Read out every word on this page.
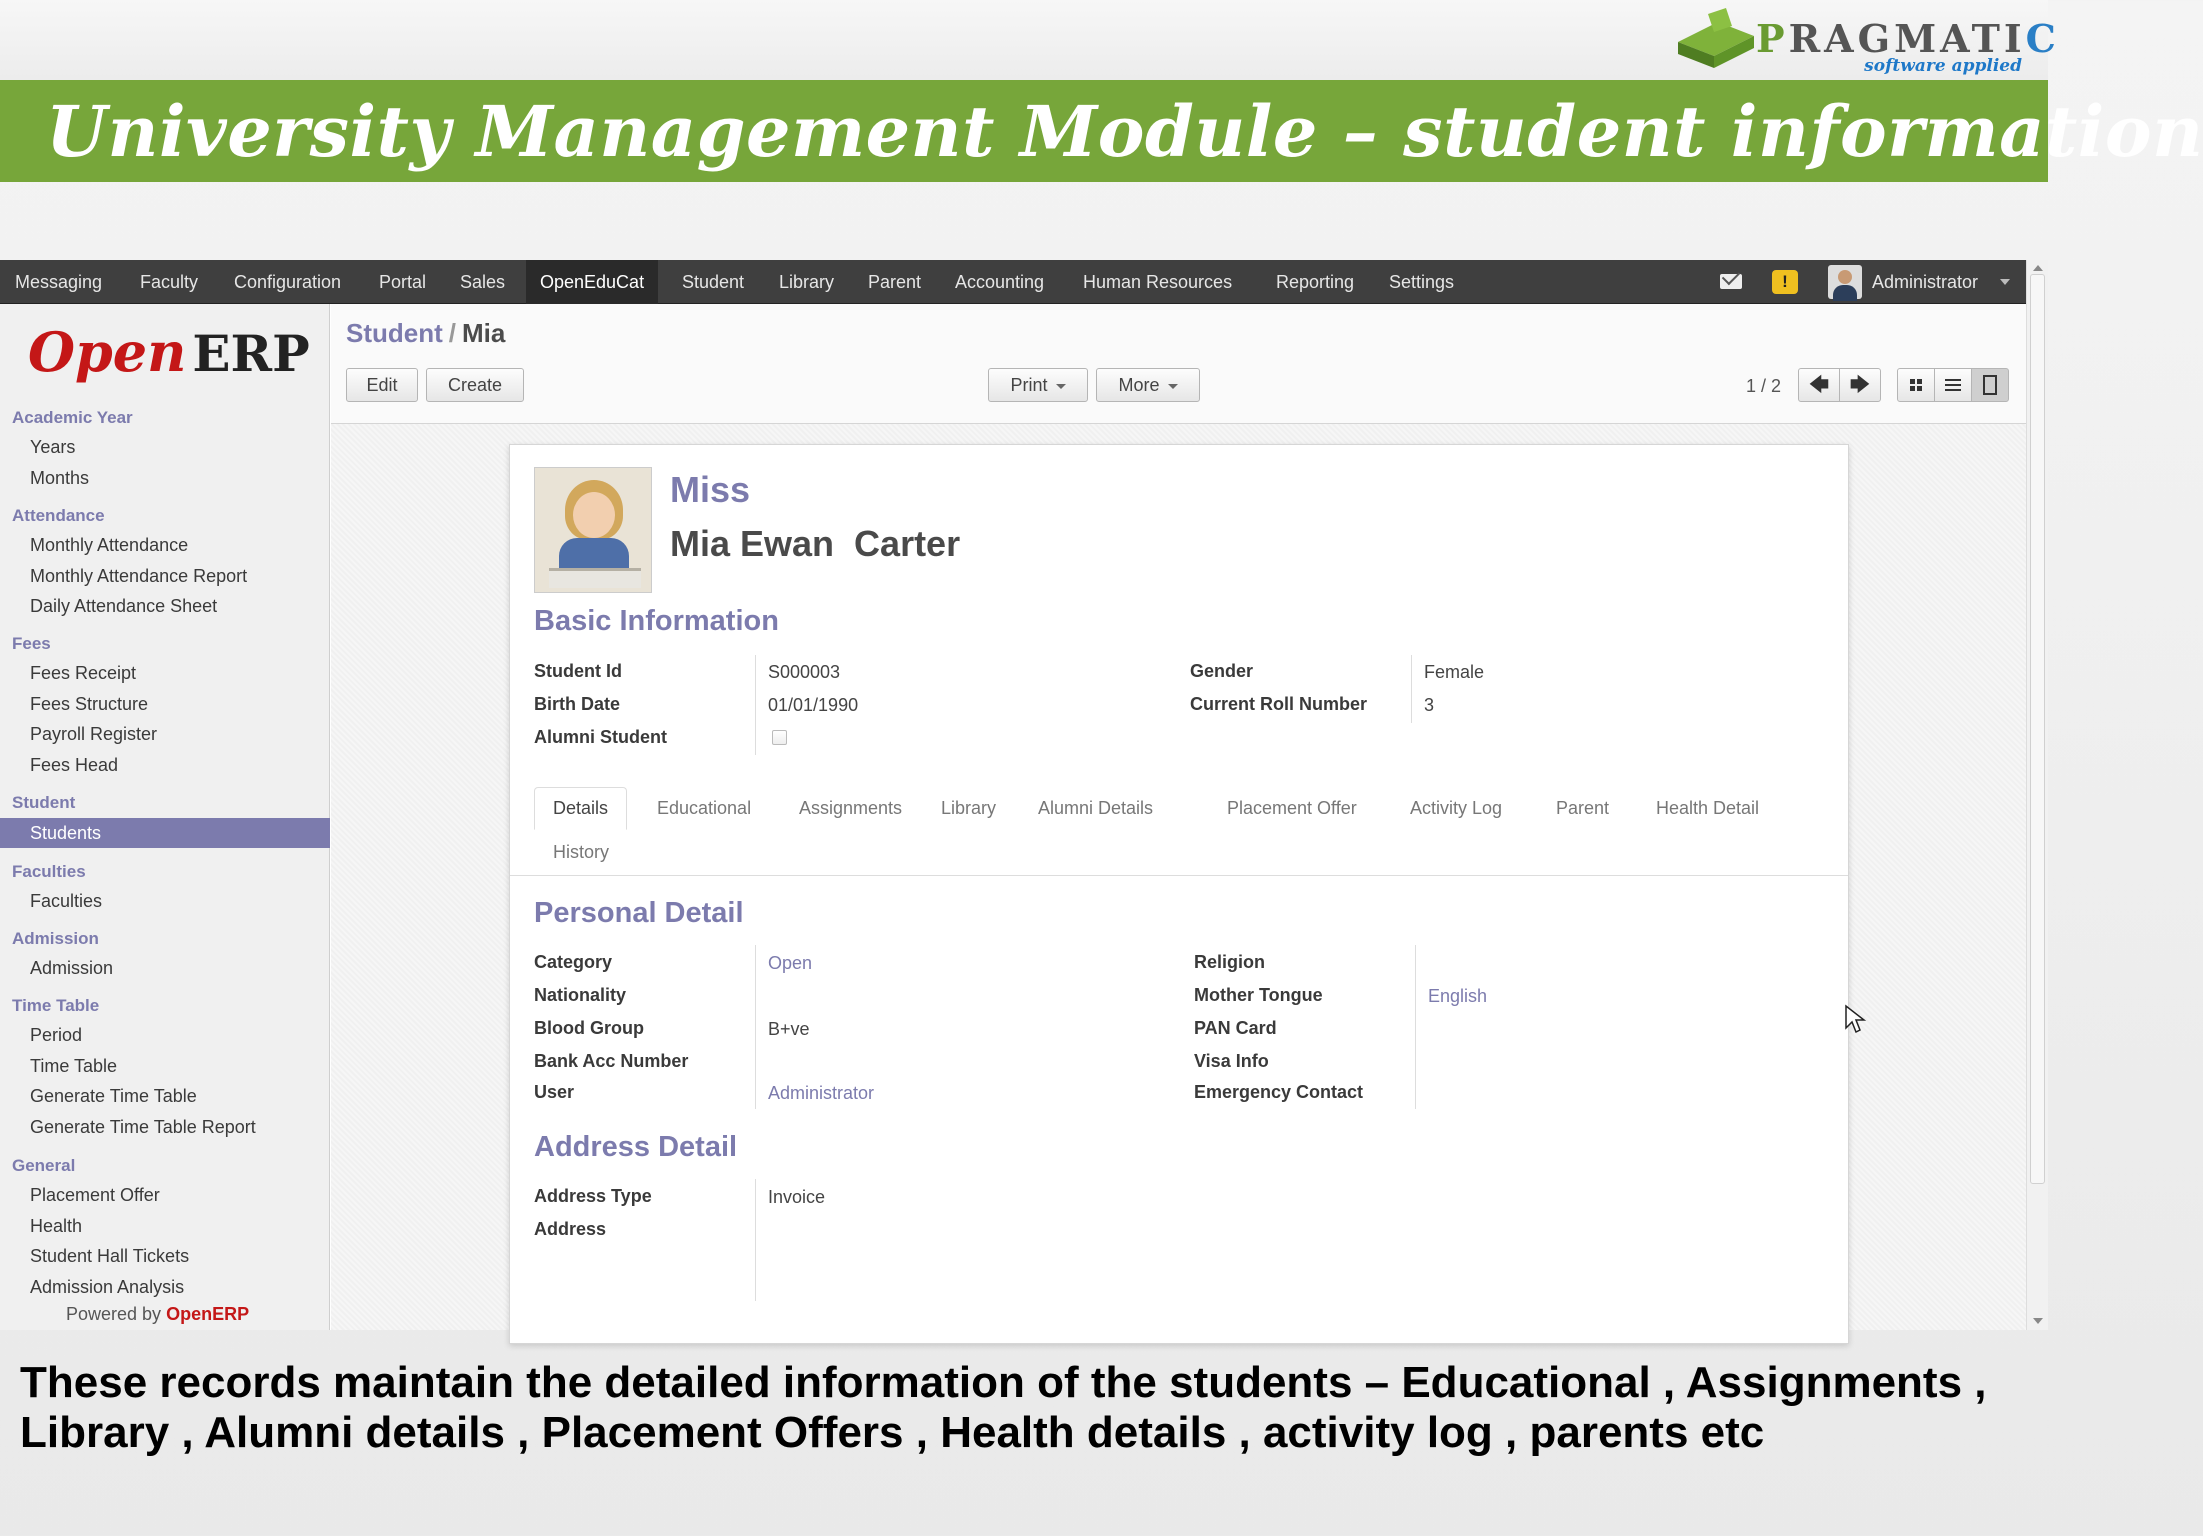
PRAGMATIC
software applied
University Management Module – student information
Messaging	Faculty	Configuration	Portal	Sales	OpenEduCat	Student	Library	Parent	Accounting	Human Resources	Reporting	Settings	!	Administrator
Open ERP
Academic Year
Years
Months
Attendance
Monthly Attendance
Monthly Attendance Report
Daily Attendance Sheet
Fees
Fees Receipt
Fees Structure
Payroll Register
Fees Head
Student
Students
Faculties
Faculties
Admission
Admission
Time Table
Period
Time Table
Generate Time Table
Generate Time Table Report
General
Placement Offer
Health
Student Hall Tickets
Admission Analysis
Powered by OpenERP
Student / Mia
Edit	Create	Print	More	1 / 2	🡄	🡆
Miss
Mia Ewan  Carter
Basic Information
Student Id	S000003
Birth Date	01/01/1990
Alumni Student
Gender	Female
Current Roll Number	3
Details	Educational	Assignments Library Alumni Details	Placement Offer	Activity Log	Parent	Health Detail
History
Personal Detail
Category	Open
Nationality
Blood Group	B+ve
Bank Acc Number
User	Administrator
Religion
Mother Tongue	English
PAN Card
Visa Info
Emergency Contact
Address Detail
Address Type	Invoice
Address
These records maintain the detailed information of the students – Educational , Assignments , Library , Alumni details , Placement Offers , Health details , activity log , parents etc
